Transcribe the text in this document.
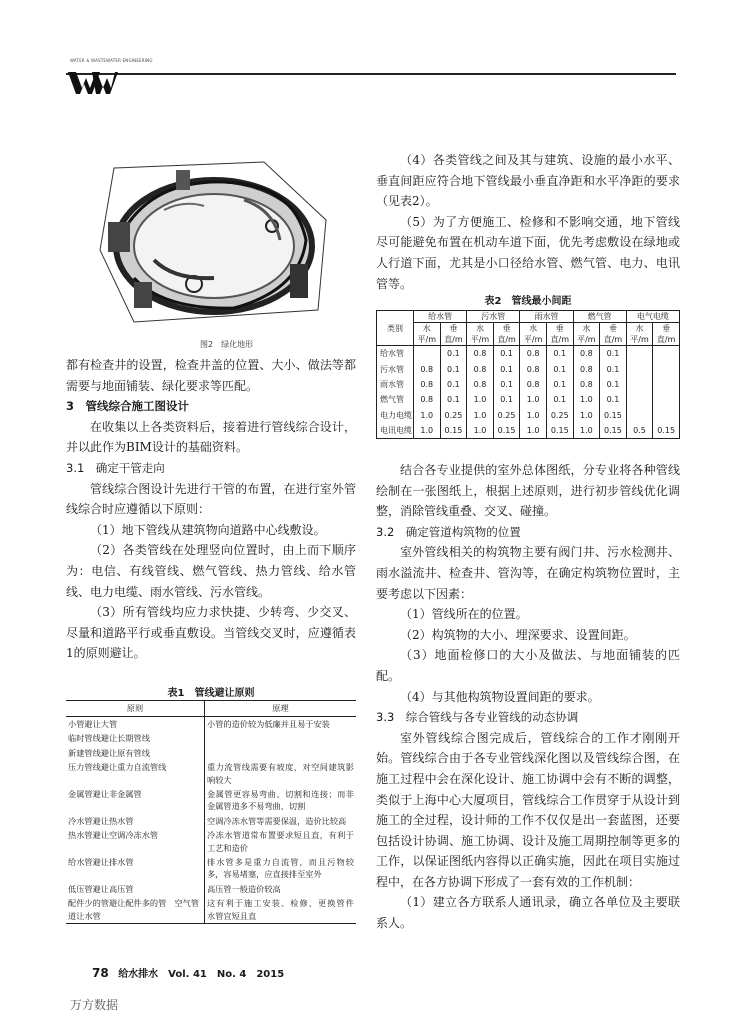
WATER & WASTEWATER ENGINEERING
图2　绿化地形

都有检查井的设置，检查井盖的位置、大小、做法等都需要与地面铺装、绿化要求等匹配。

3　管线综合施工图设计

在收集以上各类资料后，接着进行管线综合设计，并以此作为BIM设计的基础资料。

3.1　确定干管走向

管线综合图设计先进行干管的布置，在进行室外管线综合时应遵循以下原则：

（1）地下管线从建筑物向道路中心线敷设。

（2）各类管线在处理竖向位置时，由上而下顺序为：电信、有线管线、燃气管线、热力管线、给水管线、电力电缆、雨水管线、污水管线。

（3）所有管线均应力求快捷、少转弯、少交叉、尽量和道路平行或垂直敷设。当管线交叉时，应遵循表1的原则避让。

表1　管线避让原则
原则	原理
小管避让大管	小管的造价较为低廉并且易于安装
临时管线避让长期管线	
新建管线避让原有管线	
压力管线避让重力自流管线	重力流管线需要有坡度，对空间建筑影响较大
金属管避让非金属管	金属管更容易弯曲、切割和连接；而非金属管道多不易弯曲、切割
冷水管避让热水管	空调冷冻水管等需要保温，造价比较高
热水管避让空调冷冻水管	冷冻水管道常布置要求短且直，有利于工艺和造价
给水管避让排水管	排水管多是重力自流管，而且污物较多，容易堵塞，应直接排至室外
低压管避让高压管	高压管一般造价较高
配件少的管避让配件多的管　空气管道让水管	这有利于施工安装、检修、更换管件　水管宜短且直

（4）各类管线之间及其与建筑、设施的最小水平、垂直间距应符合地下管线最小垂直净距和水平净距的要求（见表2）。

（5）为了方便施工、检修和不影响交通，地下管线尽可能避免布置在机动车道下面，优先考虑敷设在绿地或人行道下面，尤其是小口径给水管、燃气管、电力、电讯管等。

表2　管线最小间距
类别	给水管		污水管		雨水管		燃气管		电气电缆	
	水平/m	垂直/m	水平/m	垂直/m	水平/m	垂直/m	水平/m	垂直/m	水平/m	垂直/m
给水管		0.1	0.8	0.1	0.8	0.1	0.8	0.1		
污水管	0.8	0.1	0.8	0.1	0.8	0.1	0.8	0.1		
雨水管	0.8	0.1	0.8	0.1	0.8	0.1	0.8	0.1		
燃气管	0.8	0.1	1.0	0.1	1.0	0.1	1.0	0.1		
电力电缆	1.0	0.25	1.0	0.25	1.0	0.25	1.0	0.15		
电讯电缆	1.0	0.15	1.0	0.15	1.0	0.15	1.0	0.15	0.5	0.15

结合各专业提供的室外总体图纸，分专业将各种管线绘制在一张图纸上，根据上述原则，进行初步管线优化调整，消除管线重叠、交叉、碰撞。

3.2　确定管道构筑物的位置

室外管线相关的构筑物主要有阀门井、污水检测井、雨水溢流井、检查井、管沟等，在确定构筑物位置时，主要考虑以下因素：

（1）管线所在的位置。

（2）构筑物的大小、埋深要求、设置间距。

（3）地面检修口的大小及做法、与地面铺装的匹配。

（4）与其他构筑物设置间距的要求。

3.3　综合管线与各专业管线的动态协调

室外管线综合图完成后，管线综合的工作才刚刚开始。管线综合由于各专业管线深化图以及管线综合图，在施工过程中会在深化设计、施工协调中会有不断的调整，类似于上海中心大厦项目，管线综合工作贯穿于从设计到施工的全过程，设计师的工作不仅仅是出一套蓝图，还要包括设计协调、施工协调、设计及施工周期控制等更多的工作，以保证图纸内容得以正确实施，因此在项目实施过程中，在各方协调下形成了一套有效的工作机制：

（1）建立各方联系人通讯录，确立各单位及主要联系人。

78 给水排水　Vol. 41　No. 4　2015
万方数据
